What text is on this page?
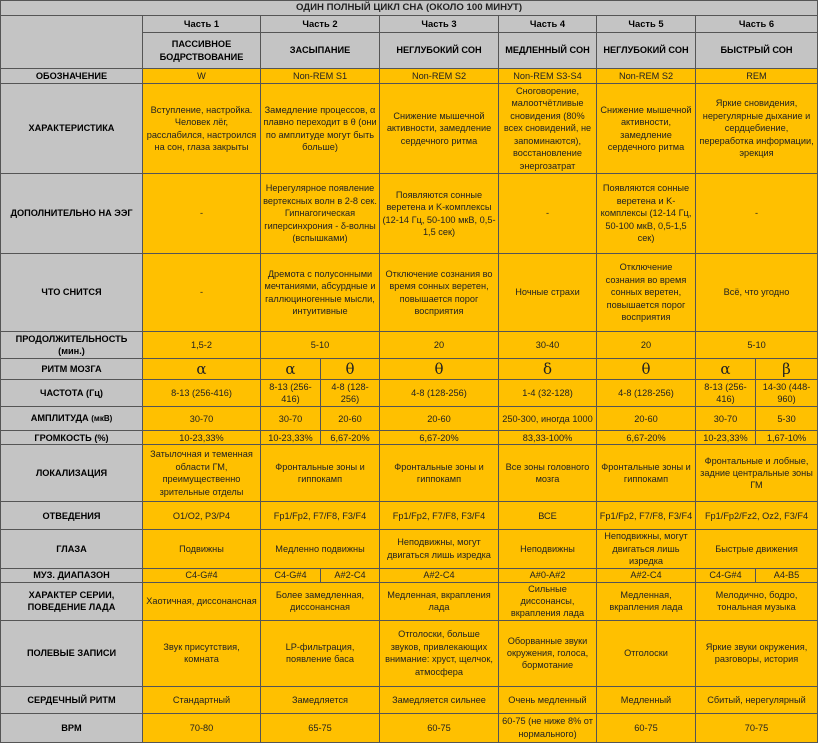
ОДИН ПОЛНЫЙ ЦИКЛ СНА (ОКОЛО 100 МИНУТ)								
	Часть 1	Часть 2		Часть 3	Часть 4	Часть 5	Часть 6	
	ПАССИВНОЕ БОДРСТВОВАНИЕ	ЗАСЫПАНИЕ		НЕГЛУБОКИЙ СОН	МЕДЛЕННЫЙ СОН	НЕГЛУБОКИЙ СОН	БЫСТРЫЙ СОН	
ОБОЗНАЧЕНИЕ	W	Non-REM S1		Non-REM S2	Non-REM S3-S4	Non-REM S2	REM	
ХАРАКТЕРИСТИКА	Вступление, настройка. Человек лёг, расслабился, настроился на сон, глаза закрыты	Замедление процессов, α плавно переходит в θ (они по амплитуде могут быть больше)		Снижение мышечной активности, замедление сердечного ритма	Сноговорение, малоотчётливые сновидения (80% всех сновидений, не запоминаются), восстановление энергозатрат	Снижение мышечной активности, замедление сердечного ритма	Яркие сновидения, нерегулярные дыхание и сердцебиение, переработка информации, эрекция	
ДОПОЛНИТЕЛЬНО НА ЭЭГ	-	Нерегулярное появление вертексных волн в 2-8 сек. Гипнагогическая гиперсинхрония - δ-волны (вспышками)		Появляются сонные веретена и K-комплексы (12-14 Гц, 50-100 мкВ, 0,5-1,5 сек)	-	Появляются сонные веретена и K-комплексы (12-14 Гц, 50-100 мкВ, 0,5-1,5 сек)	-	
ЧТО СНИТСЯ	-	Дремота с полусонными мечтаниями, абсурдные и галлюциногенные мысли, интуитивные		Отключение сознания во время сонных веретен, повышается порог восприятия	Ночные страхи	Отключение сознания во время сонных веретен, повышается порог восприятия	Всё, что угодно	
ПРОДОЛЖИТЕЛЬНОСТЬ (мин.)	1,5-2	5-10		20	30-40	20	5-10	
РИТМ МОЗГА	α	α	θ	θ	δ	θ	α	β
ЧАСТОТА (Гц)	8-13 (256-416)	8-13 (256-416)	4-8 (128-256)	4-8 (128-256)	1-4 (32-128)	4-8 (128-256)	8-13 (256-416)	14-30 (448-960)
АМПЛИТУДА (мкВ)	30-70	30-70	20-60	20-60	250-300, иногда 1000	20-60	30-70	5-30
ГРОМКОСТЬ (%)	10-23,33%	10-23,33%	6,67-20%	6,67-20%	83,33-100%	6,67-20%	10-23,33%	1,67-10%
ЛОКАЛИЗАЦИЯ	Затылочная и теменная области ГМ, преимущественно зрительные отделы	Фронтальные зоны и гиппокамп		Фронтальные зоны и гиппокамп	Все зоны головного мозга	Фронтальные зоны и гиппокамп	Фронтальные и лобные, задние центральные зоны ГМ	
ОТВЕДЕНИЯ	O1/O2, P3/P4	Fp1/Fp2, F7/F8, F3/F4		Fp1/Fp2, F7/F8, F3/F4	ВСЕ	Fp1/Fp2, F7/F8, F3/F4	Fp1/Fp2/Fz2, Oz2, F3/F4	
ГЛАЗА	Подвижны	Медленно подвижны		Неподвижны, могут двигаться лишь изредка	Неподвижны	Неподвижны, могут двигаться лишь изредка	Быстрые движения	
МУЗ. ДИАПАЗОН	C4-G#4	C4-G#4	A#2-C4	A#2-C4	A#0-A#2	A#2-C4	C4-G#4	A4-B5
ХАРАКТЕР СЕРИИ, ПОВЕДЕНИЕ ЛАДА	Хаотичная, диссонансная	Более замедленная, диссонансная		Медленная, вкрапления лада	Сильные диссонансы, вкрапления лада	Медленная, вкрапления лада	Мелодично, бодро, тональная музыка	
ПОЛЕВЫЕ ЗАПИСИ	Звук присутствия, комната	LP-фильтрация, появление баса		Отголоски, больше звуков, привлекающих внимание: хруст, щелчок, атмосфера	Оборванные звуки окружения, голоса, бормотание	Отголоски	Яркие звуки окружения, разговоры, история	
СЕРДЕЧНЫЙ РИТМ	Стандартный	Замедляется		Замедляется сильнее	Очень медленный	Медленный	Сбитый, нерегулярный	
BPM	70-80	65-75		60-75	60-75 (не ниже 8% от нормального)	60-75	70-75	
